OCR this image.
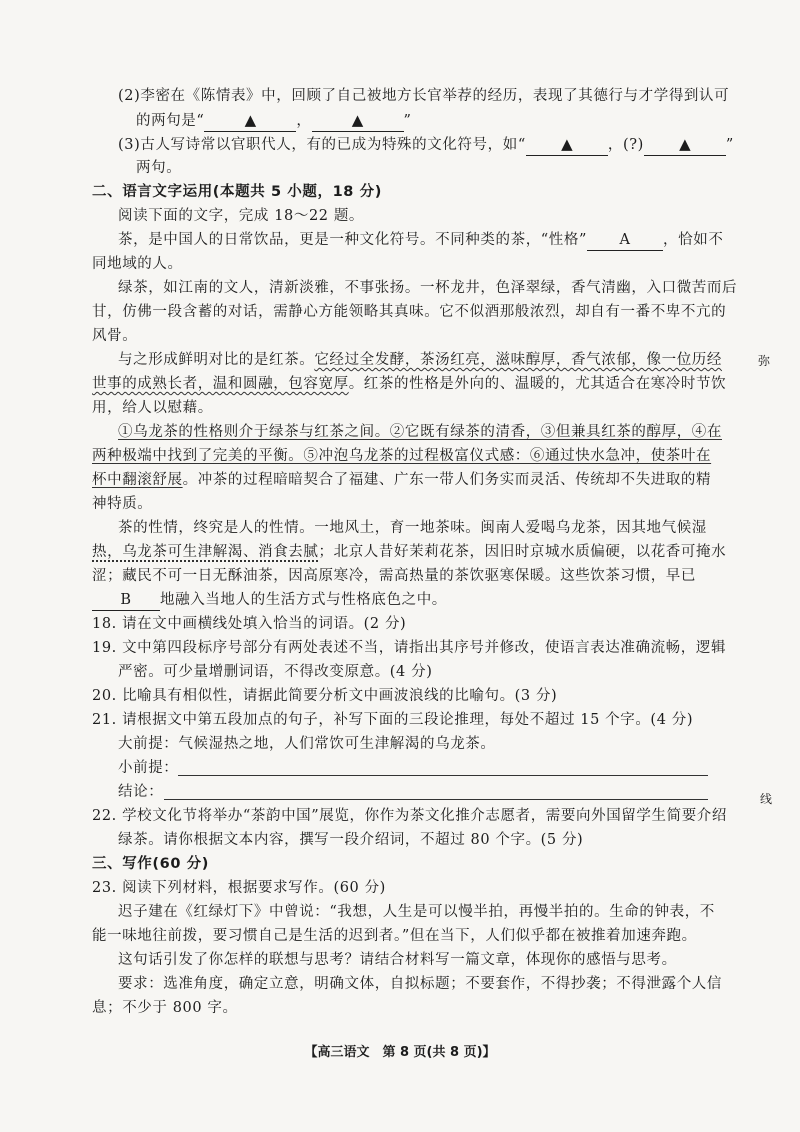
(2)李密在《陈情表》中，回顾了自己被地方长官举荐的经历，表现了其德行与才学得到认可
的两句是“	▲	，	▲	”
(3)古人写诗常以官职代人，有的已成为特殊的文化符号，如“ ▲ ，(?) ▲ ”
两句。
二、语言文字运用(本题共 5 小题，18 分)
阅读下面的文字，完成 18～22 题。
茶，是中国人的日常饮品，更是一种文化符号。不同种类的茶，“性格” A ，恰如不
同地域的人。
绿茶，如江南的文人，清新淡雅，不事张扬。一杯龙井，色泽翠绿，香气清幽，入口微苦而后
甘，仿佛一段含蓄的对话，需静心方能领略其真味。它不似酒那般浓烈，却自有一番不卑不亢的
风骨。
与之形成鲜明对比的是红茶。它经过全发酵，茶汤红亮，滋味醇厚，香气浓郁，像一位历经
世事的成熟长者，温和圆融，包容宽厚。红茶的性格是外向的、温暖的，尤其适合在寒冷时节饮
用，给人以慰藉。
①乌龙茶的性格则介于绿茶与红茶之间。②它既有绿茶的清香，③但兼具红茶的醇厚，④在
两种极端中找到了完美的平衡。⑤冲泡乌龙茶的过程极富仪式感：⑥通过快水急冲，使茶叶在
杯中翻滚舒展。冲茶的过程暗暗契合了福建、广东一带人们务实而灵活、传统却不失进取的精
神特质。
茶的性情，终究是人的性情。一地风土，育一地茶味。闽南人爱喝乌龙茶，因其地气候湿
热，乌龙茶可生津解渴、消食去腻；北京人昔好茉莉花茶，因旧时京城水质偏硬，以花香可掩水
涩；藏民不可一日无酥油茶，因高原寒冷，需高热量的茶饮驱寒保暖。这些饮茶习惯，早已
B 地融入当地人的生活方式与性格底色之中。
18. 请在文中画横线处填入恰当的词语。(2 分)
19. 文中第四段标序号部分有两处表述不当，请指出其序号并修改，使语言表达准确流畅，逻辑
严密。可少量增删词语，不得改变原意。(4 分)
20. 比喻具有相似性，请据此简要分析文中画波浪线的比喻句。(3 分)
21. 请根据文中第五段加点的句子，补写下面的三段论推理，每处不超过 15 个字。(4 分)
大前提：气候湿热之地，人们常饮可生津解渴的乌龙茶。
小前提：
结论：
22. 学校文化节将举办“茶韵中国”展览，你作为茶文化推介志愿者，需要向外国留学生简要介绍
绿茶。请你根据文本内容，撰写一段介绍词，不超过 80 个字。(5 分)
三、写作(60 分)
23. 阅读下列材料，根据要求写作。(60 分)
迟子建在《红绿灯下》中曾说：“我想，人生是可以慢半拍，再慢半拍的。生命的钟表，不
能一味地往前拨，要习惯自己是生活的迟到者。”但在当下，人们似乎都在被推着加速奔跑。
这句话引发了你怎样的联想与思考？请结合材料写一篇文章，体现你的感悟与思考。
要求：选准角度，确定立意，明确文体，自拟标题；不要套作，不得抄袭；不得泄露个人信
息；不少于 800 字。
弥
线
【高三语文　第 8 页(共 8 页)】
